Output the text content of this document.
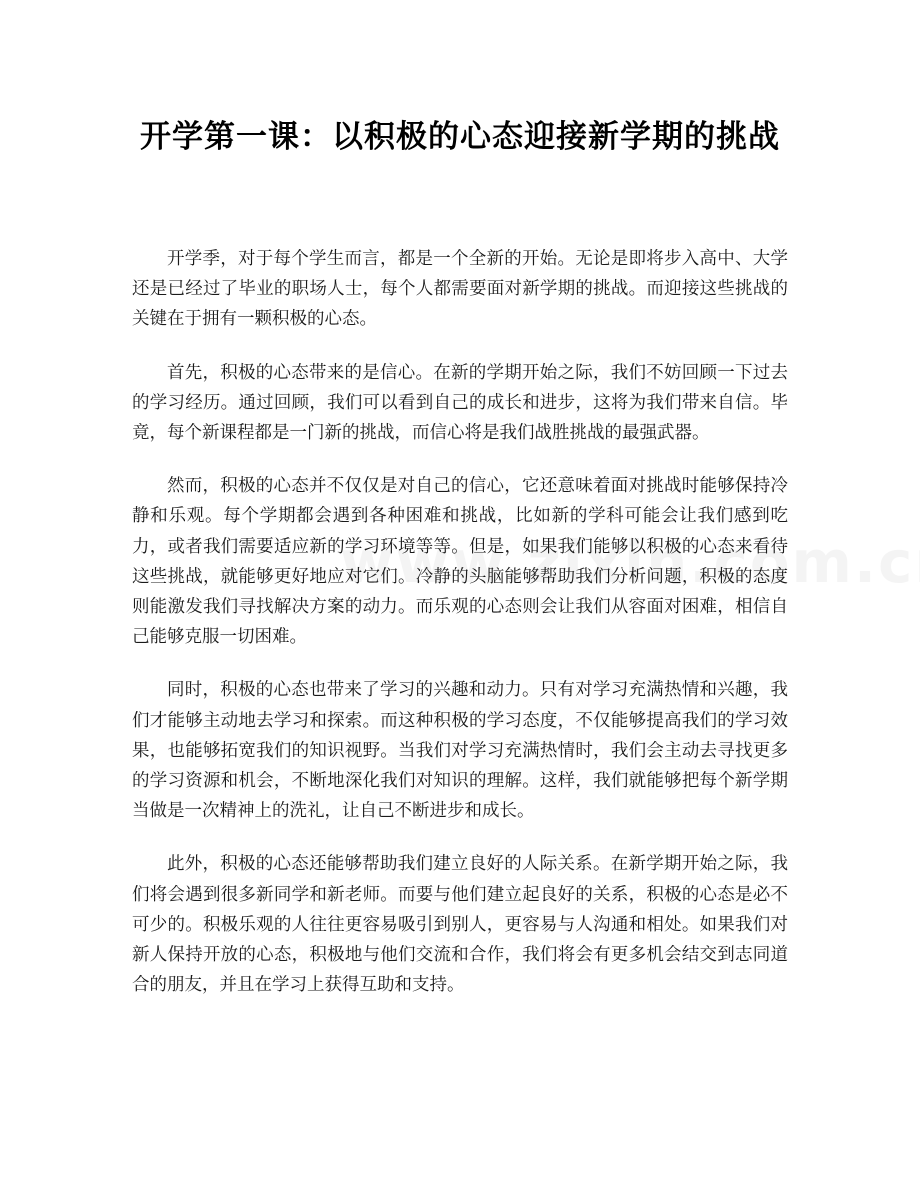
开学第一课：以积极的心态迎接新学期的挑战

开学季，对于每个学生而言，都是一个全新的开始。无论是即将步入高中、大学还是已经过了毕业的职场人士，每个人都需要面对新学期的挑战。而迎接这些挑战的关键在于拥有一颗积极的心态。

首先，积极的心态带来的是信心。在新的学期开始之际，我们不妨回顾一下过去的学习经历。通过回顾，我们可以看到自己的成长和进步，这将为我们带来自信。毕竟，每个新课程都是一门新的挑战，而信心将是我们战胜挑战的最强武器。

然而，积极的心态并不仅仅是对自己的信心，它还意味着面对挑战时能够保持冷静和乐观。每个学期都会遇到各种困难和挑战，比如新的学科可能会让我们感到吃力，或者我们需要适应新的学习环境等等。但是，如果我们能够以积极的心态来看待这些挑战，就能够更好地应对它们。冷静的头脑能够帮助我们分析问题，积极的态度则能激发我们寻找解决方案的动力。而乐观的心态则会让我们从容面对困难，相信自己能够克服一切困难。

同时，积极的心态也带来了学习的兴趣和动力。只有对学习充满热情和兴趣，我们才能够主动地去学习和探索。而这种积极的学习态度，不仅能够提高我们的学习效果，也能够拓宽我们的知识视野。当我们对学习充满热情时，我们会主动去寻找更多的学习资源和机会，不断地深化我们对知识的理解。这样，我们就能够把每个新学期当做是一次精神上的洗礼，让自己不断进步和成长。

此外，积极的心态还能够帮助我们建立良好的人际关系。在新学期开始之际，我们将会遇到很多新同学和新老师。而要与他们建立起良好的关系，积极的心态是必不可少的。积极乐观的人往往更容易吸引到别人，更容易与人沟通和相处。如果我们对新人保持开放的心态，积极地与他们交流和合作，我们将会有更多机会结交到志同道合的朋友，并且在学习上获得互助和支持。
